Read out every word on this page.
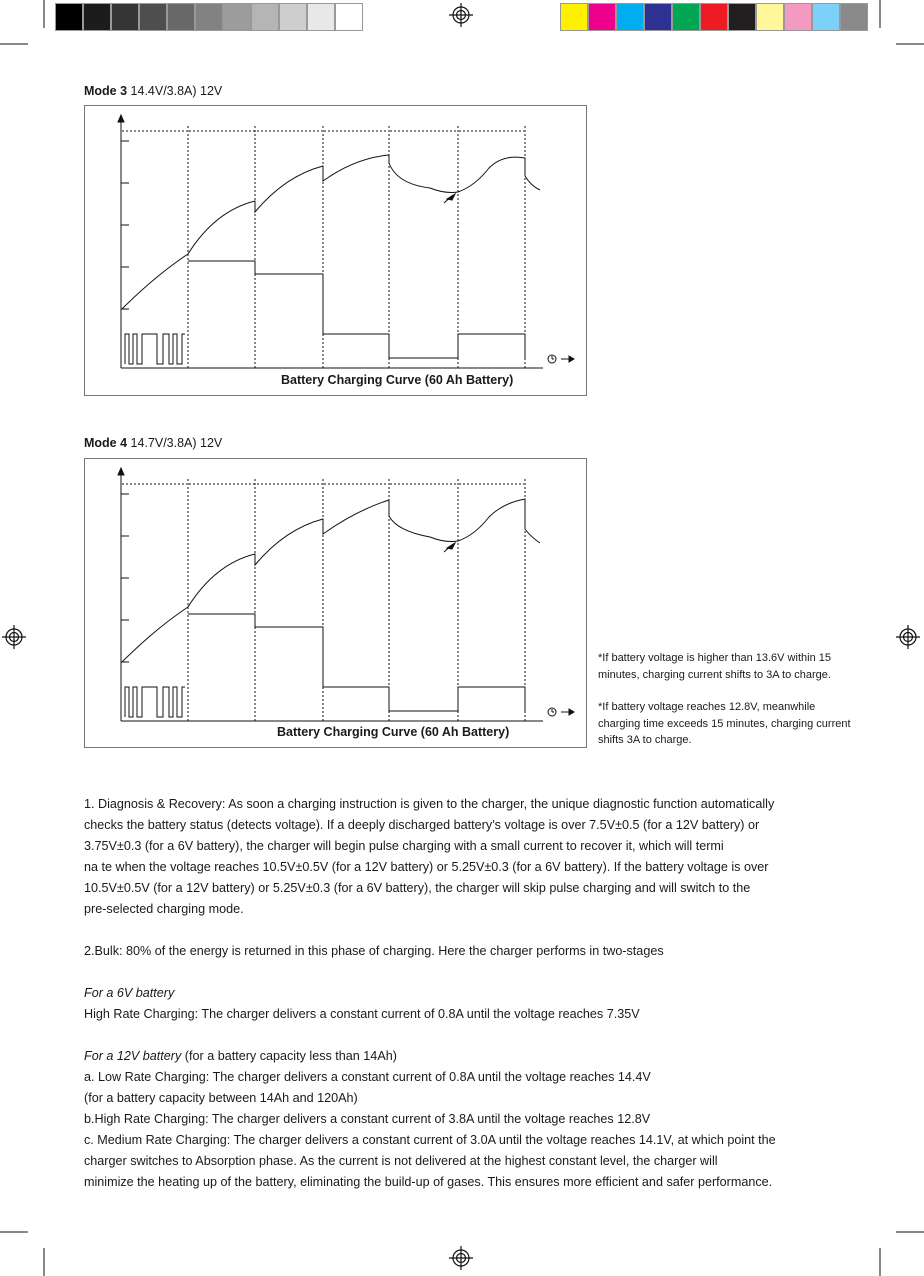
Mode 3 14.4V/3.8A) 12V
Battery Charging Curve (60 Ah Battery)
Mode 4 14.7V/3.8A) 12V
Battery Charging Curve (60 Ah Battery)

*If battery voltage is higher than 13.6V within 15 minutes, charging current shifts to 3A to charge.

*If battery voltage reaches 12.8V, meanwhile charging time exceeds 15 minutes, charging current shifts 3A to charge.

1. Diagnosis & Recovery: As soon a charging instruction is given to the charger, the unique diagnostic function automatically
checks the battery status (detects voltage). If a deeply discharged battery’s voltage is over 7.5V±0.5 (for a 12V battery) or
3.75V±0.3 (for a 6V battery), the charger will begin pulse charging with a small current to recover it, which will termi
na te when the voltage reaches 10.5V±0.5V (for a 12V battery) or 5.25V±0.3 (for a 6V battery). If the battery voltage is over
10.5V±0.5V (for a 12V battery) or 5.25V±0.3 (for a 6V battery), the charger will skip pulse charging and will switch to the
pre-selected charging mode.
2.Bulk: 80% of the energy is returned in this phase of charging. Here the charger performs in two-stages
For a 6V battery
High Rate Charging: The charger delivers a constant current of 0.8A until the voltage reaches 7.35V
For a 12V battery (for a battery capacity less than 14Ah)
a. Low Rate Charging: The charger delivers a constant current of 0.8A until the voltage reaches 14.4V
(for a battery capacity between 14Ah and 120Ah)
b.High Rate Charging: The charger delivers a constant current of 3.8A until the voltage reaches 12.8V
c. Medium Rate Charging: The charger delivers a constant current of 3.0A until the voltage reaches 14.1V, at which point the
charger switches to Absorption phase. As the current is not delivered at the highest constant level, the charger will
minimize the heating up of the battery, eliminating the build-up of gases. This ensures more efficient and safer performance.
